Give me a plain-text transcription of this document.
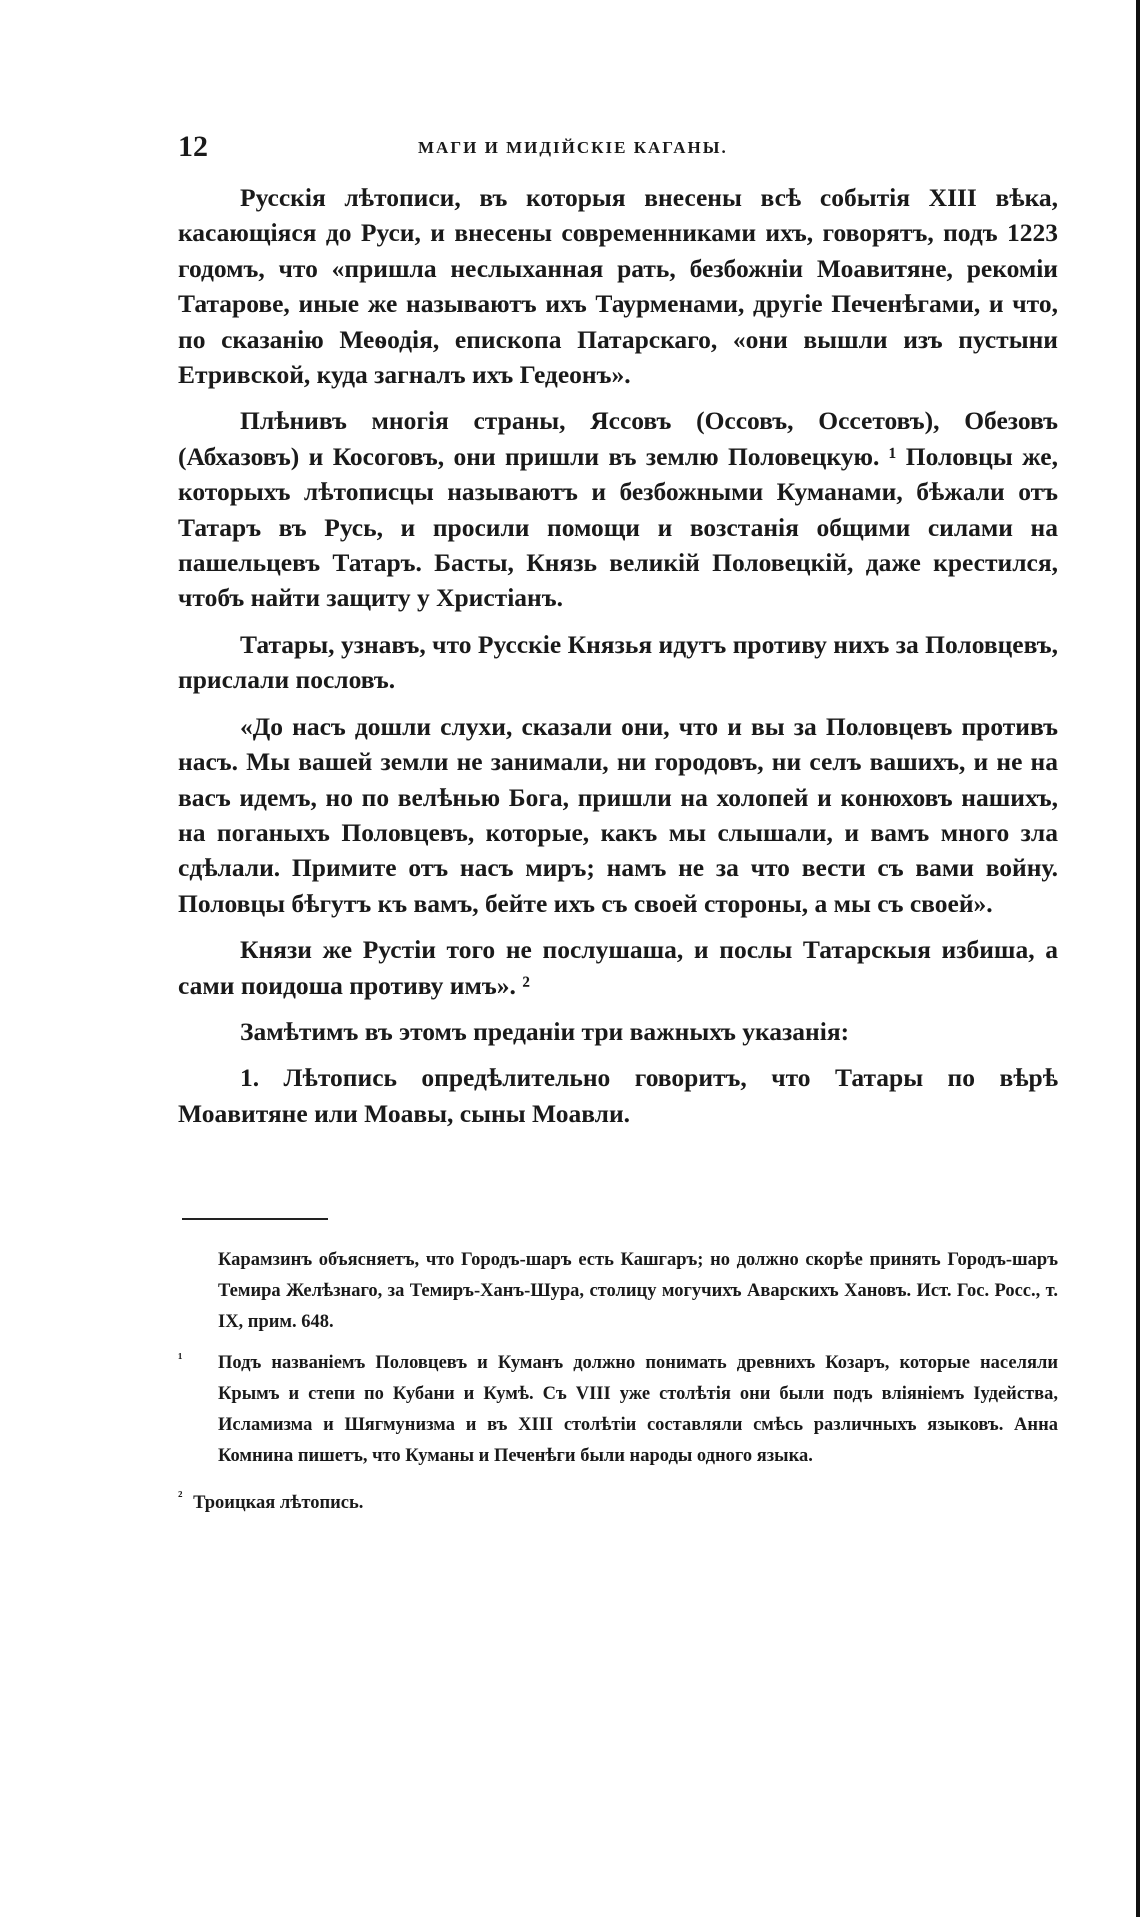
12	МАГИ И МИДІЙСКІЕ КАГАНЫ.

Русскія лѣтописи, въ которыя внесены всѣ событія XIII вѣка, касающіяся до Руси, и внесены современниками ихъ, говорятъ, подъ 1223 годомъ, что «пришла неслыханная рать, безбожніи Моавитяне, рекоміи Татарове, иные же называютъ ихъ Таурменами, другіе Печенѣгами, и что, по сказанію Меѳодія, епископа Патарскаго, «они вышли изъ пустыни Етривской, куда загналъ ихъ Гедеонъ».

Плѣнивъ многія страны, Яссовъ (Оссовъ, Оссетовъ), Обезовъ (Абхазовъ) и Косоговъ, они пришли въ землю Половецкую. ¹ Половцы же, которыхъ лѣтописцы называютъ и безбожными Куманами, бѣжали отъ Татаръ въ Русь, и просили помощи и возстанія общими силами на пашельцевъ Татаръ. Басты, Князь великій Половецкій, даже крестился, чтобъ найти защиту у Христіанъ.

Татары, узнавъ, что Русскіе Князья идутъ противу нихъ за Половцевъ, прислали пословъ.

«До насъ дошли слухи, сказали они, что и вы за Половцевъ противъ насъ. Мы вашей земли не занимали, ни городовъ, ни селъ вашихъ, и не на васъ идемъ, но по велѣнью Бога, пришли на холопей и конюховъ нашихъ, на поганыхъ Половцевъ, которые, какъ мы слышали, и вамъ много зла сдѣлали. Примите отъ насъ миръ; намъ не за что вести съ вами войну. Половцы бѣгутъ къ вамъ, бейте ихъ съ своей стороны, а мы съ своей».

Князи же Рустіи того не послушаша, и послы Татарскыя избиша, а сами поидоша противу имъ». ²

Замѣтимъ въ этомъ преданіи три важныхъ указанія:

1. Лѣтопись опредѣлительно говоритъ, что Татары по вѣрѣ Моавитяне или Моавы, сыны Моавли.

Карамзинъ объясняетъ, что Городъ-шаръ есть Кашгаръ; но должно скорѣе принять Городъ-шаръ Темира Желѣзнаго, за Темиръ-Ханъ-Шура, столицу могучихъ Аварскихъ Хановъ. Ист. Гос. Росс., т. IX, прим. 648.

¹ Подъ названіемъ Половцевъ и Кумaнъ должно понимать древнихъ Козаръ, которые населяли Крымъ и степи по Кубани и Кумѣ. Съ VIII уже столѣтія они были подъ вліяніемъ Іудейства, Исламизма и Шягмунизма и въ XIII столѣтіи составляли смѣсь различныхъ языковъ. Анна Комнина пишетъ, что Куманы и Печенѣги были народы одного языка.

$^{^2}$ Троицкая лѣтопись.
